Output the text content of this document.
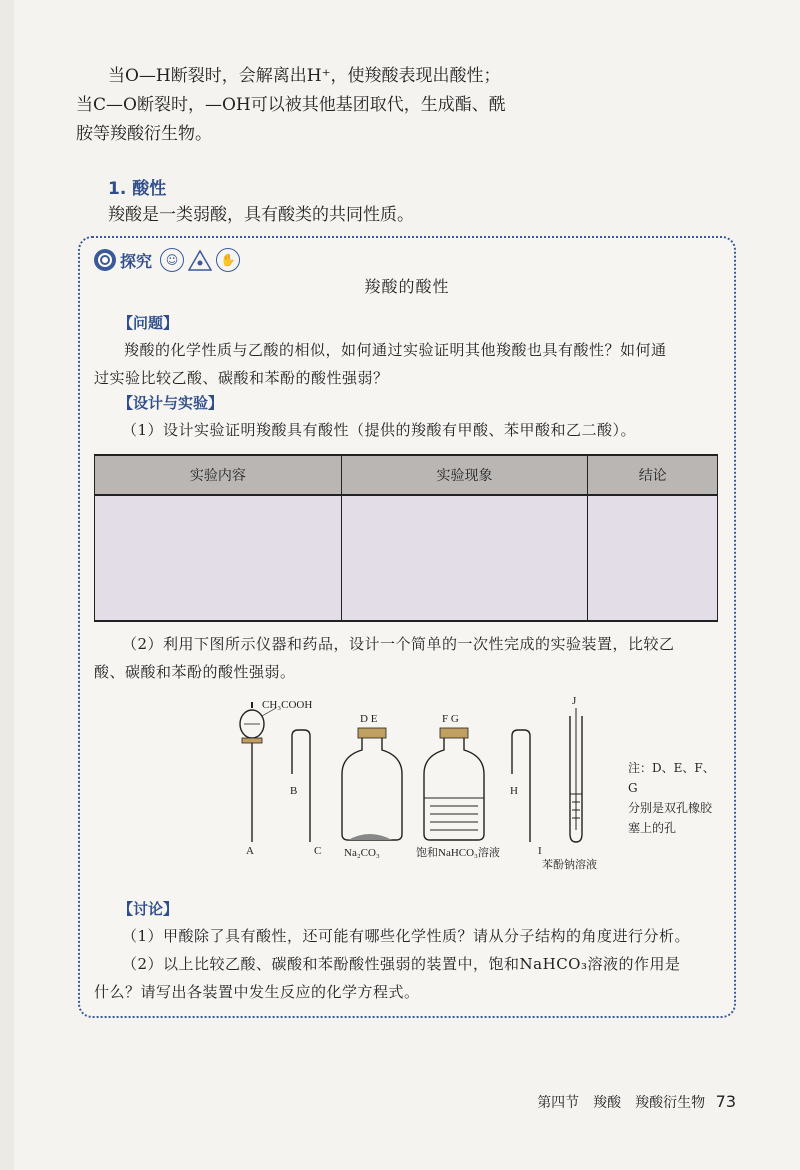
当O—H断裂时，会解离出H⁺，使羧酸表现出酸性；

当C—O断裂时，—OH可以被其他基团取代，生成酯、酰

胺等羧酸衍生物。

1. 酸性
羧酸是一类弱酸，具有酸类的共同性质。
探究	☺	✋
羧酸的酸性
【问题】
羧酸的化学性质与乙酸的相似，如何通过实验证明其他羧酸也具有酸性？如何通
过实验比较乙酸、碳酸和苯酚的酸性强弱？
【设计与实验】
（1）设计实验证明羧酸具有酸性（提供的羧酸有甲酸、苯甲酸和乙二酸）。
实验内容	实验现象	结论

（2）利用下图所示仪器和药品，设计一个简单的一次性完成的实验装置，比较乙
酸、碳酸和苯酚的酸性强弱。
CH₃COOH
A
B
C
D E
Na₂CO₃
F G
饱和NaHCO₃溶液
H
I
J
苯酚钠溶液
注：D、E、F、G
分别是双孔橡胶
塞上的孔
【讨论】
（1）甲酸除了具有酸性，还可能有哪些化学性质？请从分子结构的角度进行分析。
（2）以上比较乙酸、碳酸和苯酚酸性强弱的装置中，饱和NaHCO₃溶液的作用是
什么？请写出各装置中发生反应的化学方程式。
第四节　羧酸　羧酸衍生物 73
